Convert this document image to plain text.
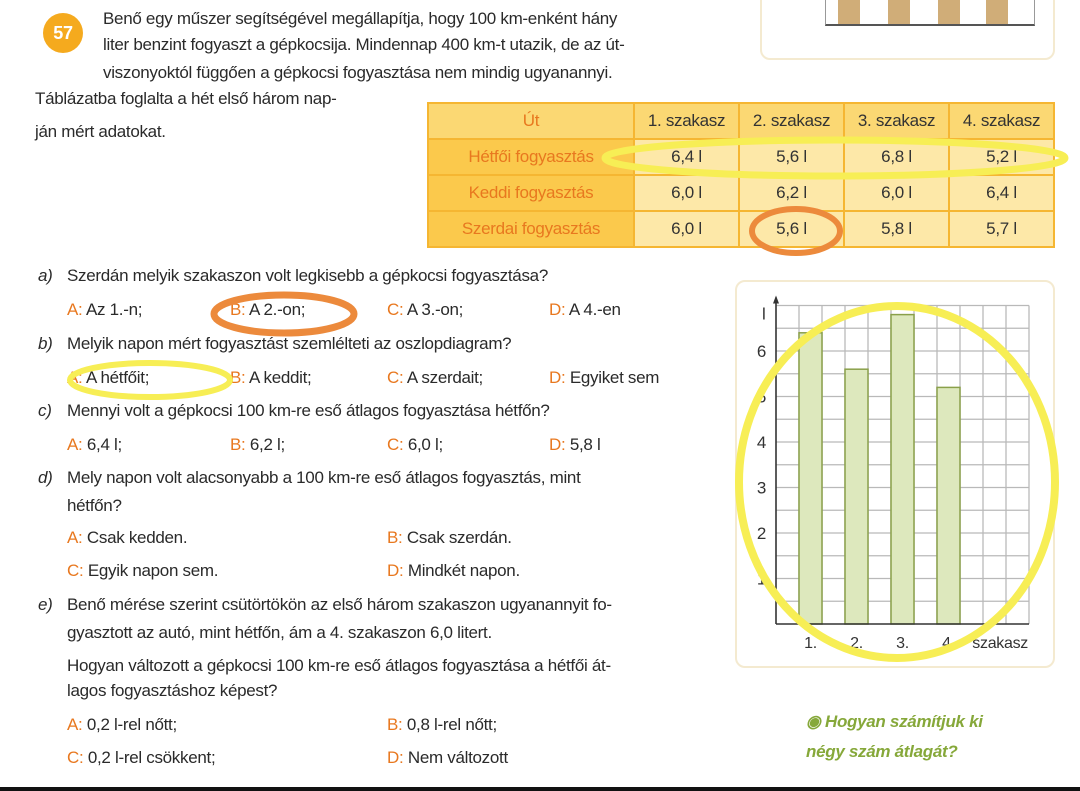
57
Benő egy műszer segítségével megállapítja, hogy 100 km-enként hány
liter benzint fogyaszt a gépkocsija. Mindennap 400 km-t utazik, de az út-
viszonyoktól függően a gépkocsi fogyasztása nem mindig ugyanannyi.
Táblázatba foglalta a hét első három nap-
ján mért adatokat.
Út	1. szakasz	2. szakasz	3. szakasz	4. szakasz
Hétfői fogyasztás	6,4 l	5,6 l	6,8 l	5,2 l
Keddi fogyasztás	6,0 l	6,2 l	6,0 l	6,4 l
Szerdai fogyasztás	6,0 l	5,6 l	5,8 l	5,7 l
a) Szerdán melyik szakaszon volt legkisebb a gépkocsi fogyasztása?
A: Az 1.-n;	B: A 2.-on;	C: A 3.-on;	D: A 4.-en
b) Melyik napon mért fogyasztást szemlélteti az oszlopdiagram?
A: A hétfőit;	B: A keddit;	C: A szerdait;	D: Egyiket sem
c) Mennyi volt a gépkocsi 100 km-re eső átlagos fogyasztása hétfőn?
A: 6,4 l;	B: 6,2 l;	C: 6,0 l;	D: 5,8 l
d) Mely napon volt alacsonyabb a 100 km-re eső átlagos fogyasztás, mint
hétfőn?
A: Csak kedden.	B: Csak szerdán.
C: Egyik napon sem.	D: Mindkét napon.
e) Benő mérése szerint csütörtökön az első három szakaszon ugyanannyit fo-
gyasztott az autó, mint hétfőn, ám a 4. szakaszon 6,0 litert.
Hogyan változott a gépkocsi 100 km-re eső átlagos fogyasztása a hétfői át-
lagos fogyasztáshoz képest?
A: 0,2 l-rel nőtt;	B: 0,8 l-rel nőtt;
C: 0,2 l-rel csökkent;	D: Nem változott
1. 2. 3. 4.
1
2
3
4
5
6
l
szakasz
◉ Hogyan számítjuk ki
négy szám átlagát?
